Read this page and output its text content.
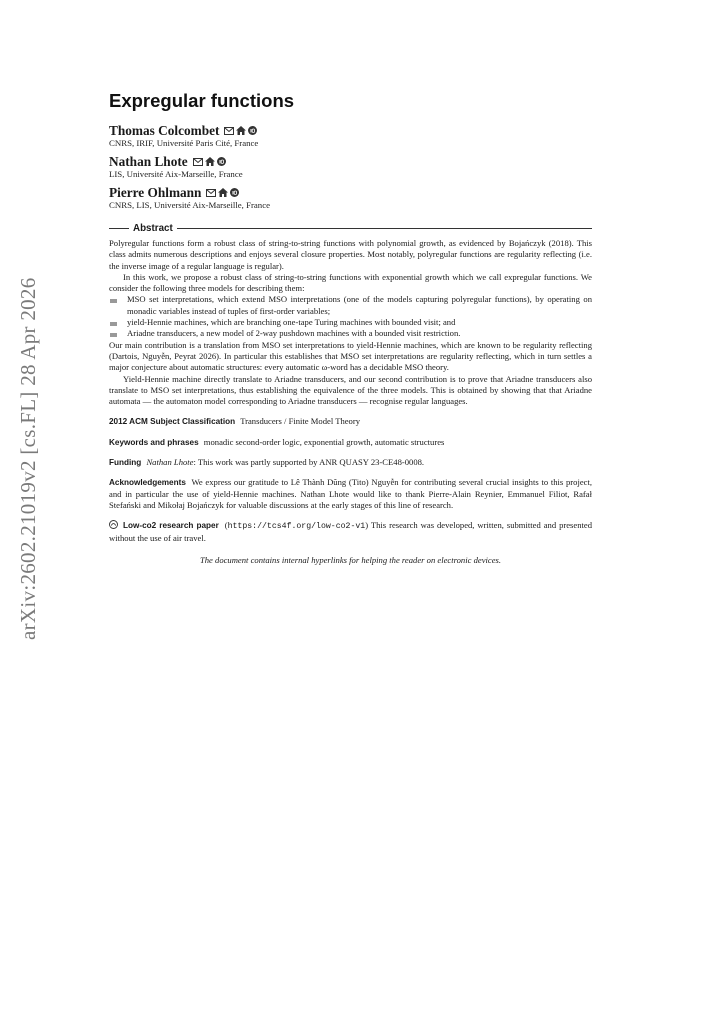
arXiv:2602.21019v2 [cs.FL] 28 Apr 2026
Expregular functions
Thomas Colcombet
CNRS, IRIF, Université Paris Cité, France
Nathan Lhote
LIS, Université Aix-Marseille, France
Pierre Ohlmann
CNRS, LIS, Université Aix-Marseille, France
Abstract

Polyregular functions form a robust class of string-to-string functions with polynomial growth, as evidenced by Bojańczyk (2018). This class admits numerous descriptions and enjoys several closure properties. Most notably, polyregular functions are regularity reflecting (i.e. the inverse image of a regular language is regular).

In this work, we propose a robust class of string-to-string functions with exponential growth which we call expregular functions. We consider the following three models for describing them:

MSO set interpretations, which extend MSO interpretations (one of the models capturing polyregular functions), by operating on monadic variables instead of tuples of first-order variables;
yield-Hennie machines, which are branching one-tape Turing machines with bounded visit; and
Ariadne transducers, a new model of 2-way pushdown machines with a bounded visit restriction.

Our main contribution is a translation from MSO set interpretations to yield-Hennie machines, which are known to be regularity reflecting (Dartois, Nguyễn, Peyrat 2026). In particular this establishes that MSO set interpretations are regularity reflecting, which in turn settles a major conjecture about automatic structures: every automatic ω-word has a decidable MSO theory.

Yield-Hennie machine directly translate to Ariadne transducers, and our second contribution is to prove that Ariadne transducers also translate to MSO set interpretations, thus establishing the equivalence of the three models. This is obtained by showing that that Ariadne automata — the automaton model corresponding to Ariadne transducers — recognise regular languages.

2012 ACM Subject Classification Transducers / Finite Model Theory
Keywords and phrases monadic second-order logic, exponential growth, automatic structures
Funding Nathan Lhote: This work was partly supported by ANR QUASY 23-CE48-0008.
Acknowledgements We express our gratitude to Lê Thành Dũng (Tito) Nguyễn for contributing several crucial insights to this project, and in particular the use of yield-Hennie machines. Nathan Lhote would like to thank Pierre-Alain Reynier, Emmanuel Filiot, Rafał Stefański and Mikołaj Bojańczyk for valuable discussions at the early stages of this line of research.
Low-co2 research paper (https://tcs4f.org/low-co2-v1) This research was developed, written, submitted and presented without the use of air travel.
The document contains internal hyperlinks for helping the reader on electronic devices.
